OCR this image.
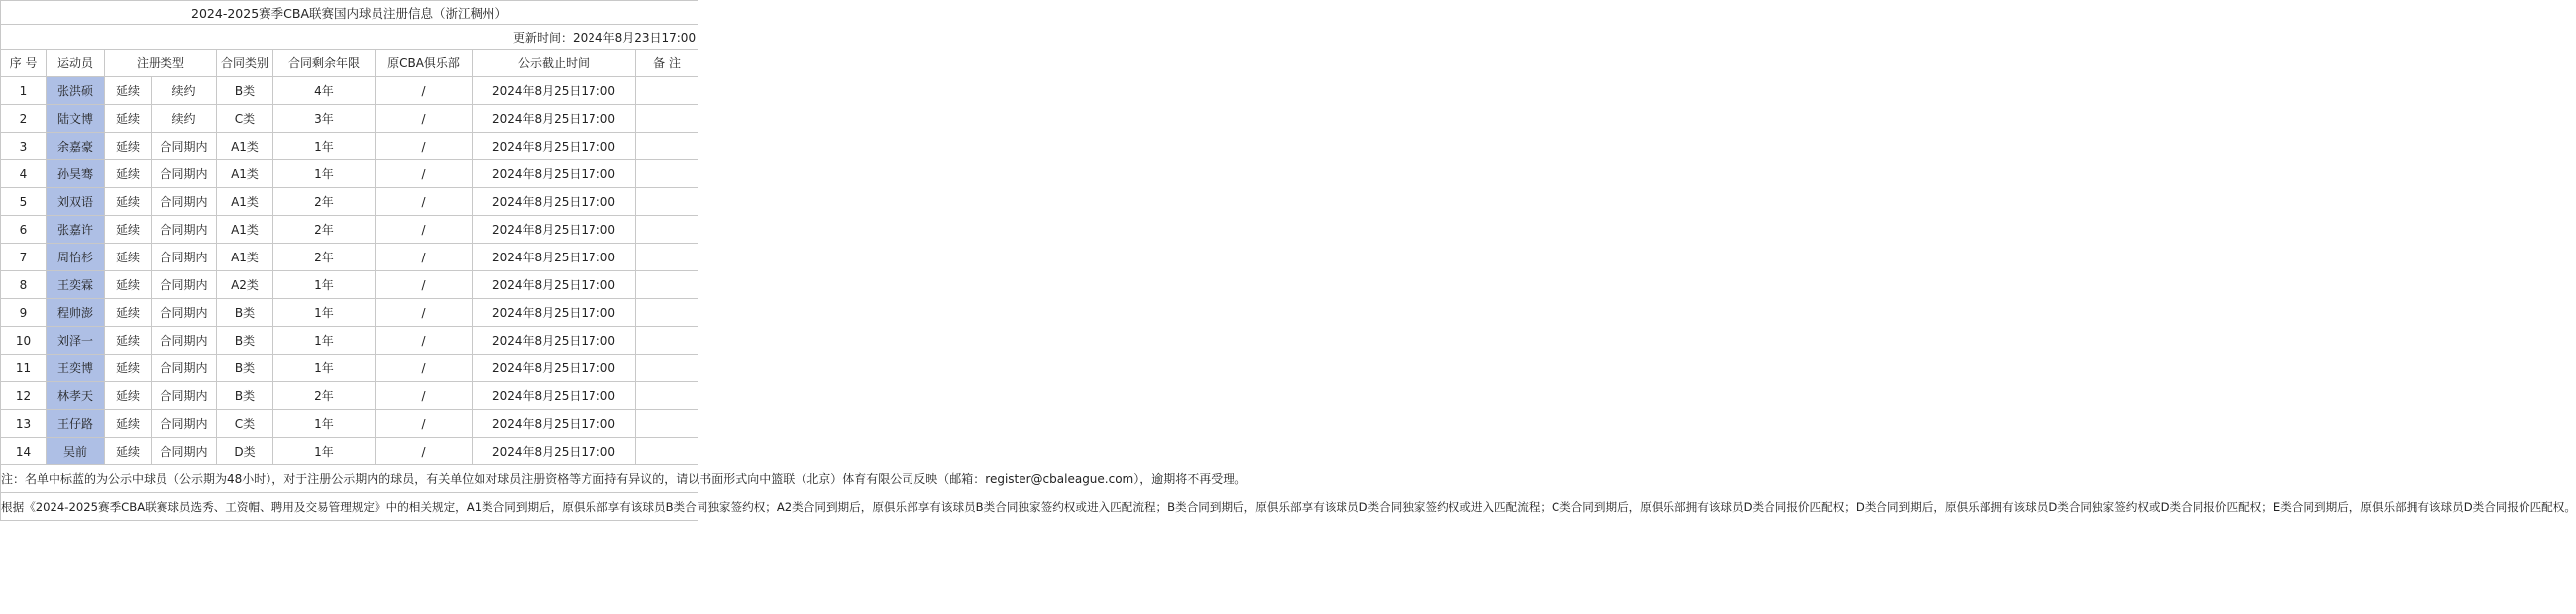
2024-2025赛季CBA联赛国内球员注册信息（浙江稠州）								
更新时间：2024年8月23日17:00								
序 号	运动员	注册类型		合同类别	合同剩余年限	原CBA俱乐部	公示截止时间	备 注
1	张洪硕	延续	续约	B类	4年	/	2024年8月25日17:00	
2	陆文博	延续	续约	C类	3年	/	2024年8月25日17:00	
3	余嘉豪	延续	合同期内	A1类	1年	/	2024年8月25日17:00	
4	孙昊骞	延续	合同期内	A1类	1年	/	2024年8月25日17:00	
5	刘双语	延续	合同期内	A1类	2年	/	2024年8月25日17:00	
6	张嘉许	延续	合同期内	A1类	2年	/	2024年8月25日17:00	
7	周怡杉	延续	合同期内	A1类	2年	/	2024年8月25日17:00	
8	王奕霖	延续	合同期内	A2类	1年	/	2024年8月25日17:00	
9	程帅澎	延续	合同期内	B类	1年	/	2024年8月25日17:00	
10	刘泽一	延续	合同期内	B类	1年	/	2024年8月25日17:00	
11	王奕博	延续	合同期内	B类	1年	/	2024年8月25日17:00	
12	林孝天	延续	合同期内	B类	2年	/	2024年8月25日17:00	
13	王仔路	延续	合同期内	C类	1年	/	2024年8月25日17:00	
14	吴前	延续	合同期内	D类	1年	/	2024年8月25日17:00	
注：名单中标蓝的为公示中球员（公示期为48小时），对于注册公示期内的球员，有关单位如对球员注册资格等方面持有异议的，请以书面形式向中篮联（北京）体育有限公司反映（邮箱：register@cbaleague.com），逾期将不再受理。								
根据《2024-2025赛季CBA联赛球员选秀、工资帽、聘用及交易管理规定》中的相关规定，A1类合同到期后，原俱乐部享有该球员B类合同独家签约权；A2类合同到期后，原俱乐部享有该球员B类合同独家签约权或进入匹配流程；B类合同到期后，原俱乐部享有该球员D类合同独家签约权或进入匹配流程；C类合同到期后，原俱乐部拥有该球员D类合同报价匹配权；D类合同到期后，原俱乐部拥有该球员D类合同独家签约权或D类合同报价匹配权；E类合同到期后，原俱乐部拥有该球员D类合同报价匹配权。								
